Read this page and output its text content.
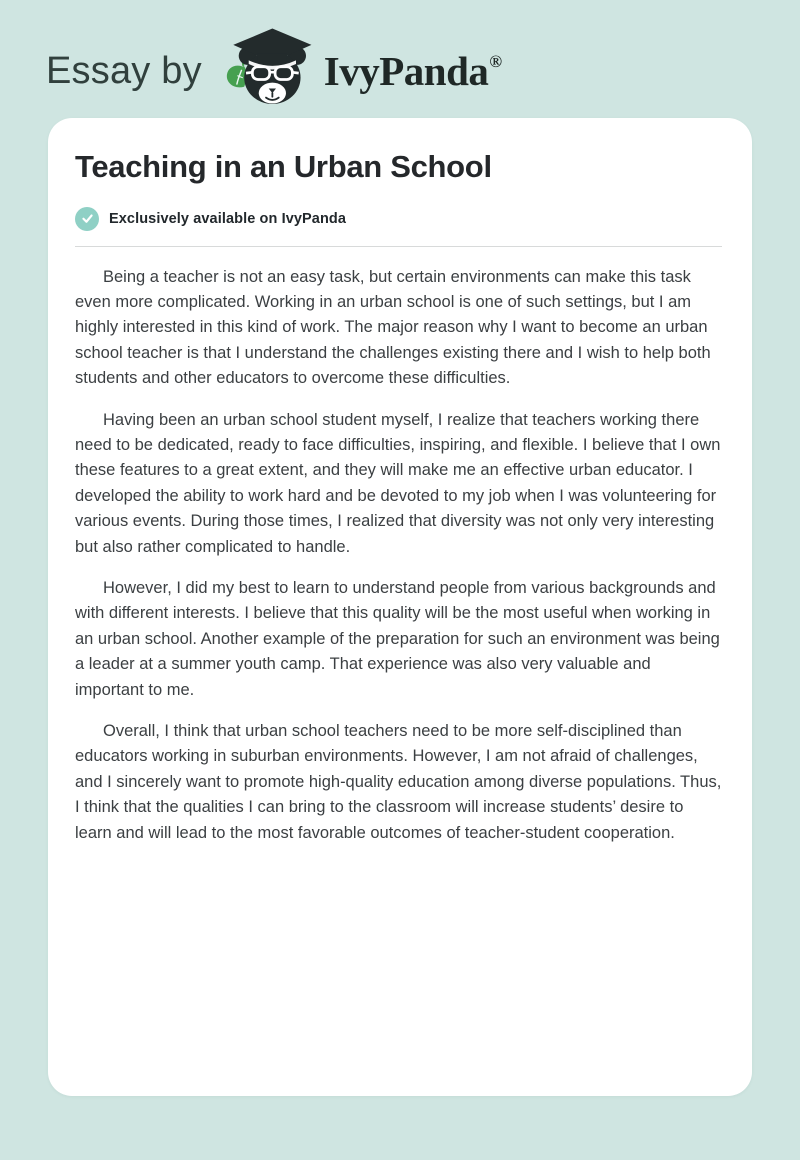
Essay by	IvyPanda®
Teaching in an Urban School
Exclusively available on IvyPanda

Being a teacher is not an easy task, but certain environments can make this task even more complicated. Working in an urban school is one of such settings, but I am highly interested in this kind of work. The major reason why I want to become an urban school teacher is that I understand the challenges existing there and I wish to help both students and other educators to overcome these difficulties.

Having been an urban school student myself, I realize that teachers working there need to be dedicated, ready to face difficulties, inspiring, and flexible. I believe that I own these features to a great extent, and they will make me an effective urban educator. I developed the ability to work hard and be devoted to my job when I was volunteering for various events. During those times, I realized that diversity was not only very interesting but also rather complicated to handle.

However, I did my best to learn to understand people from various backgrounds and with different interests. I believe that this quality will be the most useful when working in an urban school. Another example of the preparation for such an environment was being a leader at a summer youth camp. That experience was also very valuable and important to me.

Overall, I think that urban school teachers need to be more self-disciplined than educators working in suburban environments. However, I am not afraid of challenges, and I sincerely want to promote high-quality education among diverse populations. Thus, I think that the qualities I can bring to the classroom will increase students’ desire to learn and will lead to the most favorable outcomes of teacher-student cooperation.
